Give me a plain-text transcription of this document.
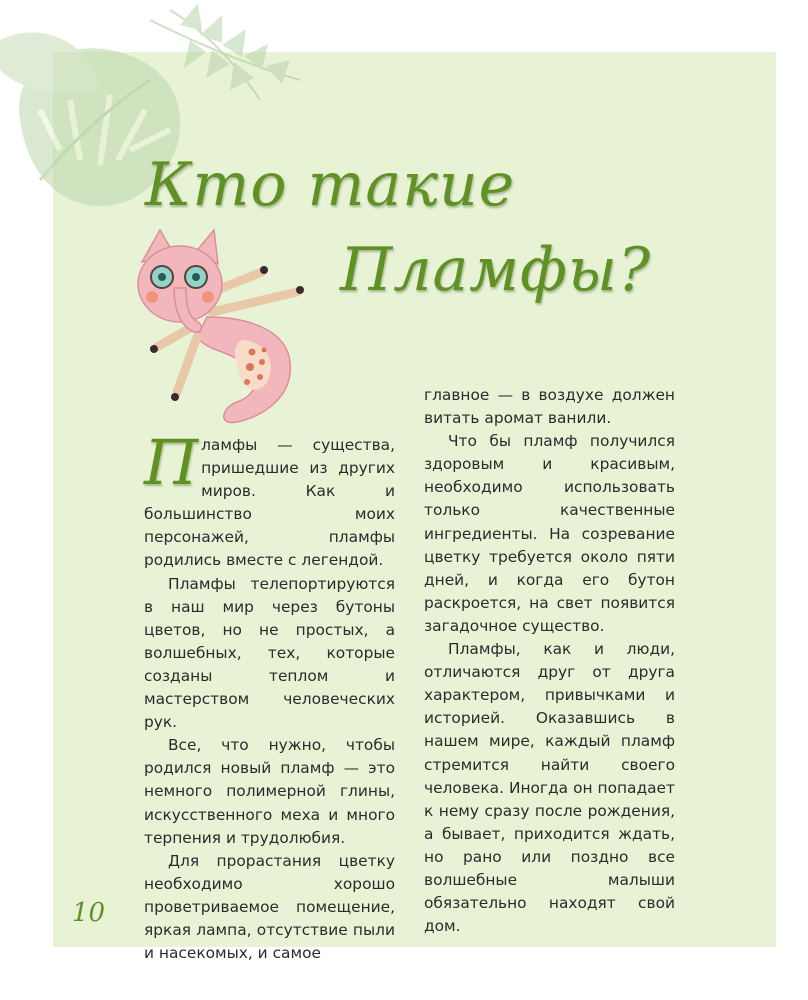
Кто такие
Пламфы?

Пламфы — существа, пришедшие из других миров. Как и большинство моих персонажей, пламфы родились вместе с легендой.

Пламфы телепортируются в наш мир через бутоны цветов, но не простых, а волшебных, тех, которые созданы теплом и мастерством человеческих рук.

Все, что нужно, чтобы родился новый пламф — это немного полимерной глины, искусственного меха и много терпения и трудолюбия.

Для прорастания цветку необходимо хорошо проветриваемое помещение, яркая лампа, отсутствие пыли и насекомых, и самое

главное — в воздухе должен витать аромат ванили.

Что бы пламф получился здоровым и красивым, необходимо использовать только качественные ингредиенты. На созревание цветку требуется около пяти дней, и когда его бутон раскроется, на свет появится загадочное существо.

Пламфы, как и люди, отличаются друг от друга характером, привычками и историей. Оказавшись в нашем мире, каждый пламф стремится найти своего человека. Иногда он попадает к нему сразу после рождения, а бывает, приходится ждать, но рано или поздно все волшебные малыши обязательно находят свой дом.

10
